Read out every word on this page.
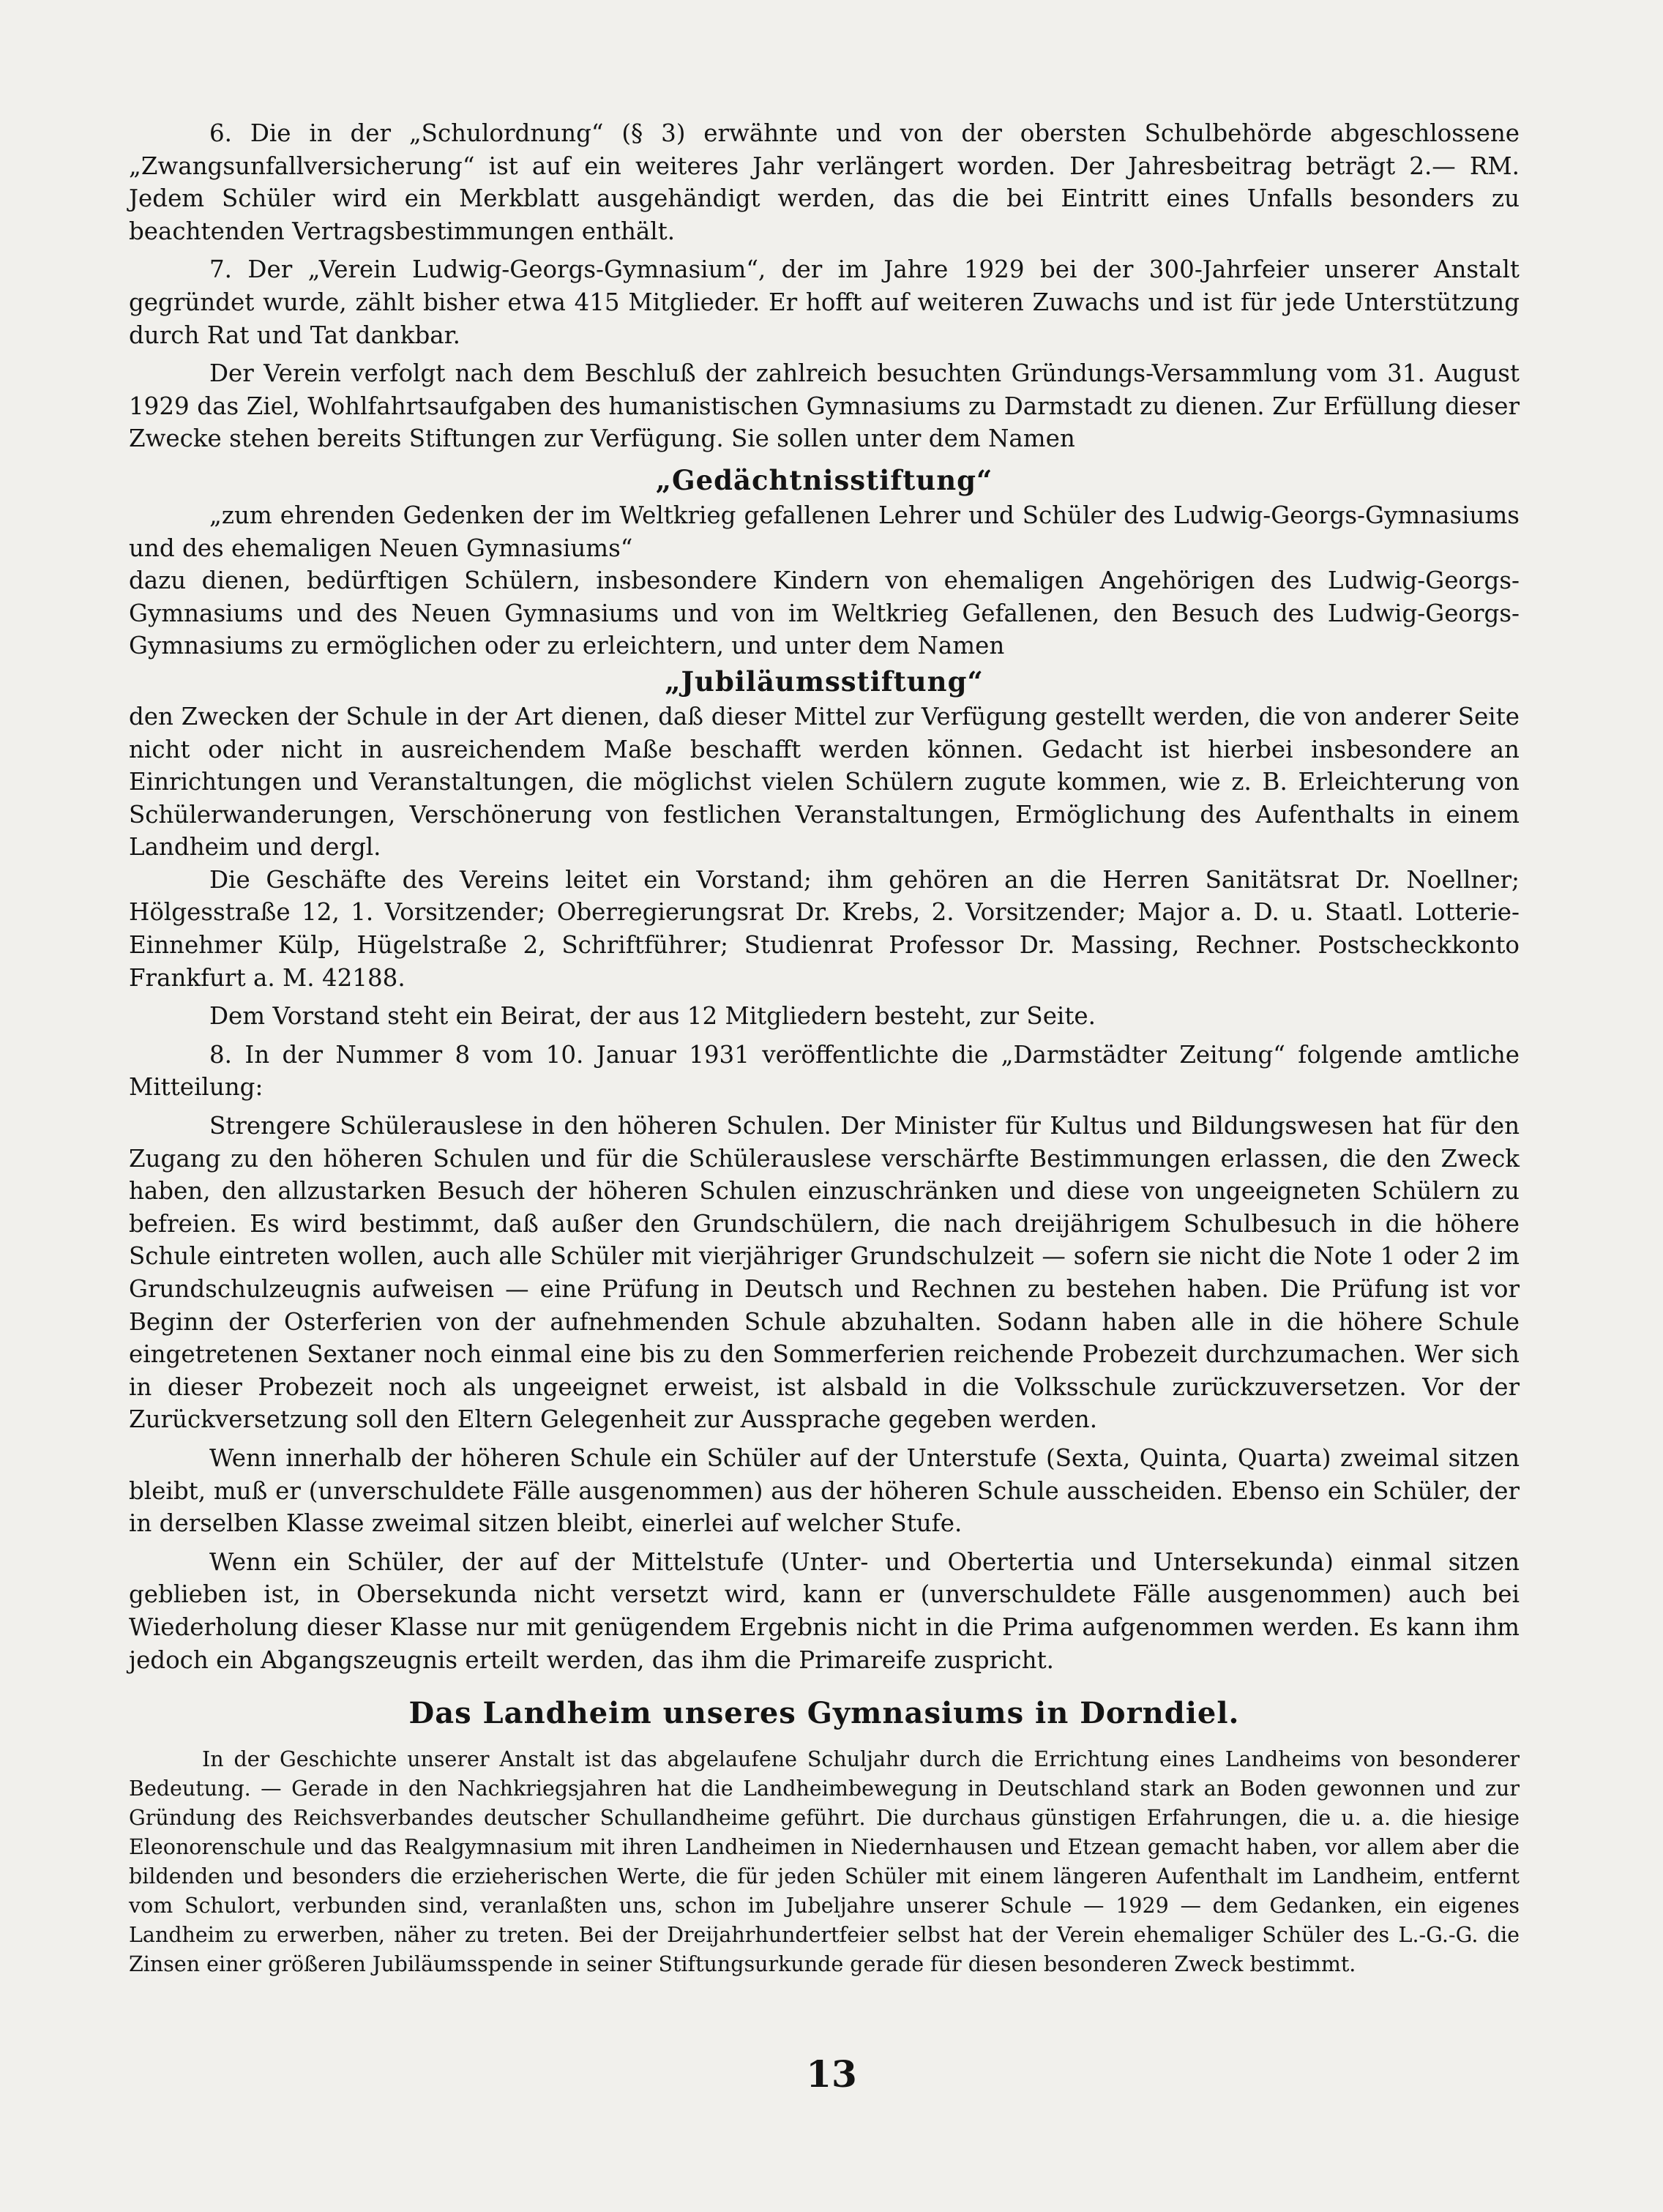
6. Die in der „Schulordnung“ (§ 3) erwähnte und von der obersten Schulbehörde abgeschlossene „Zwangsunfallversicherung“ ist auf ein weiteres Jahr verlängert worden. Der Jahresbeitrag beträgt 2.— RM. Jedem Schüler wird ein Merkblatt ausgehändigt werden, das die bei Eintritt eines Unfalls besonders zu beachtenden Vertragsbestimmungen enthält.

7. Der „Verein Ludwig-Georgs-Gymnasium“, der im Jahre 1929 bei der 300-Jahrfeier unserer Anstalt gegründet wurde, zählt bisher etwa 415 Mitglieder. Er hofft auf weiteren Zuwachs und ist für jede Unterstützung durch Rat und Tat dankbar.

Der Verein verfolgt nach dem Beschluß der zahlreich besuchten Gründungs-Versammlung vom 31. August 1929 das Ziel, Wohlfahrtsaufgaben des humanistischen Gymnasiums zu Darmstadt zu dienen. Zur Erfüllung dieser Zwecke stehen bereits Stiftungen zur Verfügung. Sie sollen unter dem Namen

„Gedächtnisstiftung“

„zum ehrenden Gedenken der im Weltkrieg gefallenen Lehrer und Schüler des Ludwig-Georgs-Gymnasiums und des ehemaligen Neuen Gymnasiums“

dazu dienen, bedürftigen Schülern, insbesondere Kindern von ehemaligen Angehörigen des Ludwig-Georgs-Gymnasiums und des Neuen Gymnasiums und von im Weltkrieg Gefallenen, den Besuch des Ludwig-Georgs-Gymnasiums zu ermöglichen oder zu erleichtern, und unter dem Namen

„Jubiläumsstiftung“

den Zwecken der Schule in der Art dienen, daß dieser Mittel zur Verfügung gestellt werden, die von anderer Seite nicht oder nicht in ausreichendem Maße beschafft werden können. Gedacht ist hierbei insbesondere an Einrichtungen und Veranstaltungen, die möglichst vielen Schülern zugute kommen, wie z. B. Erleichterung von Schülerwanderungen, Verschönerung von festlichen Veranstaltungen, Ermöglichung des Aufenthalts in einem Landheim und dergl.

Die Geschäfte des Vereins leitet ein Vorstand; ihm gehören an die Herren Sanitätsrat Dr. Noellner; Hölgesstraße 12, 1. Vorsitzender; Oberregierungsrat Dr. Krebs, 2. Vorsitzender; Major a. D. u. Staatl. Lotterie-Einnehmer Külp, Hügelstraße 2, Schriftführer; Studienrat Professor Dr. Massing, Rechner. Postscheckkonto Frankfurt a. M. 42188.

Dem Vorstand steht ein Beirat, der aus 12 Mitgliedern besteht, zur Seite.

8. In der Nummer 8 vom 10. Januar 1931 veröffentlichte die „Darmstädter Zeitung“ folgende amtliche Mitteilung:

Strengere Schülerauslese in den höheren Schulen. Der Minister für Kultus und Bildungswesen hat für den Zugang zu den höheren Schulen und für die Schülerauslese verschärfte Bestimmungen erlassen, die den Zweck haben, den allzustarken Besuch der höheren Schulen einzuschränken und diese von ungeeigneten Schülern zu befreien. Es wird bestimmt, daß außer den Grundschülern, die nach dreijährigem Schulbesuch in die höhere Schule eintreten wollen, auch alle Schüler mit vierjähriger Grundschulzeit — sofern sie nicht die Note 1 oder 2 im Grundschulzeugnis aufweisen — eine Prüfung in Deutsch und Rechnen zu bestehen haben. Die Prüfung ist vor Beginn der Osterferien von der aufnehmenden Schule abzuhalten. Sodann haben alle in die höhere Schule eingetretenen Sextaner noch einmal eine bis zu den Sommerferien reichende Probezeit durchzumachen. Wer sich in dieser Probezeit noch als ungeeignet erweist, ist alsbald in die Volksschule zurückzuversetzen. Vor der Zurückversetzung soll den Eltern Gelegenheit zur Aussprache gegeben werden.

Wenn innerhalb der höheren Schule ein Schüler auf der Unterstufe (Sexta, Quinta, Quarta) zweimal sitzen bleibt, muß er (unverschuldete Fälle ausgenommen) aus der höheren Schule ausscheiden. Ebenso ein Schüler, der in derselben Klasse zweimal sitzen bleibt, einerlei auf welcher Stufe.

Wenn ein Schüler, der auf der Mittelstufe (Unter- und Obertertia und Untersekunda) einmal sitzen geblieben ist, in Obersekunda nicht versetzt wird, kann er (unverschuldete Fälle ausgenommen) auch bei Wiederholung dieser Klasse nur mit genügendem Ergebnis nicht in die Prima aufgenommen werden. Es kann ihm jedoch ein Abgangszeugnis erteilt werden, das ihm die Primareife zuspricht.

Das Landheim unseres Gymnasiums in Dorndiel.

In der Geschichte unserer Anstalt ist das abgelaufene Schuljahr durch die Errichtung eines Landheims von besonderer Bedeutung. — Gerade in den Nachkriegsjahren hat die Landheimbewegung in Deutschland stark an Boden gewonnen und zur Gründung des Reichsverbandes deutscher Schullandheime geführt. Die durchaus günstigen Erfahrungen, die u. a. die hiesige Eleonorenschule und das Realgymnasium mit ihren Landheimen in Niedernhausen und Etzean gemacht haben, vor allem aber die bildenden und besonders die erzieherischen Werte, die für jeden Schüler mit einem längeren Aufenthalt im Landheim, entfernt vom Schulort, verbunden sind, veranlaßten uns, schon im Jubeljahre unserer Schule — 1929 — dem Gedanken, ein eigenes Landheim zu erwerben, näher zu treten. Bei der Dreijahrhundertfeier selbst hat der Verein ehemaliger Schüler des L.-G.-G. die Zinsen einer größeren Jubiläumsspende in seiner Stiftungsurkunde gerade für diesen besonderen Zweck bestimmt.

13
